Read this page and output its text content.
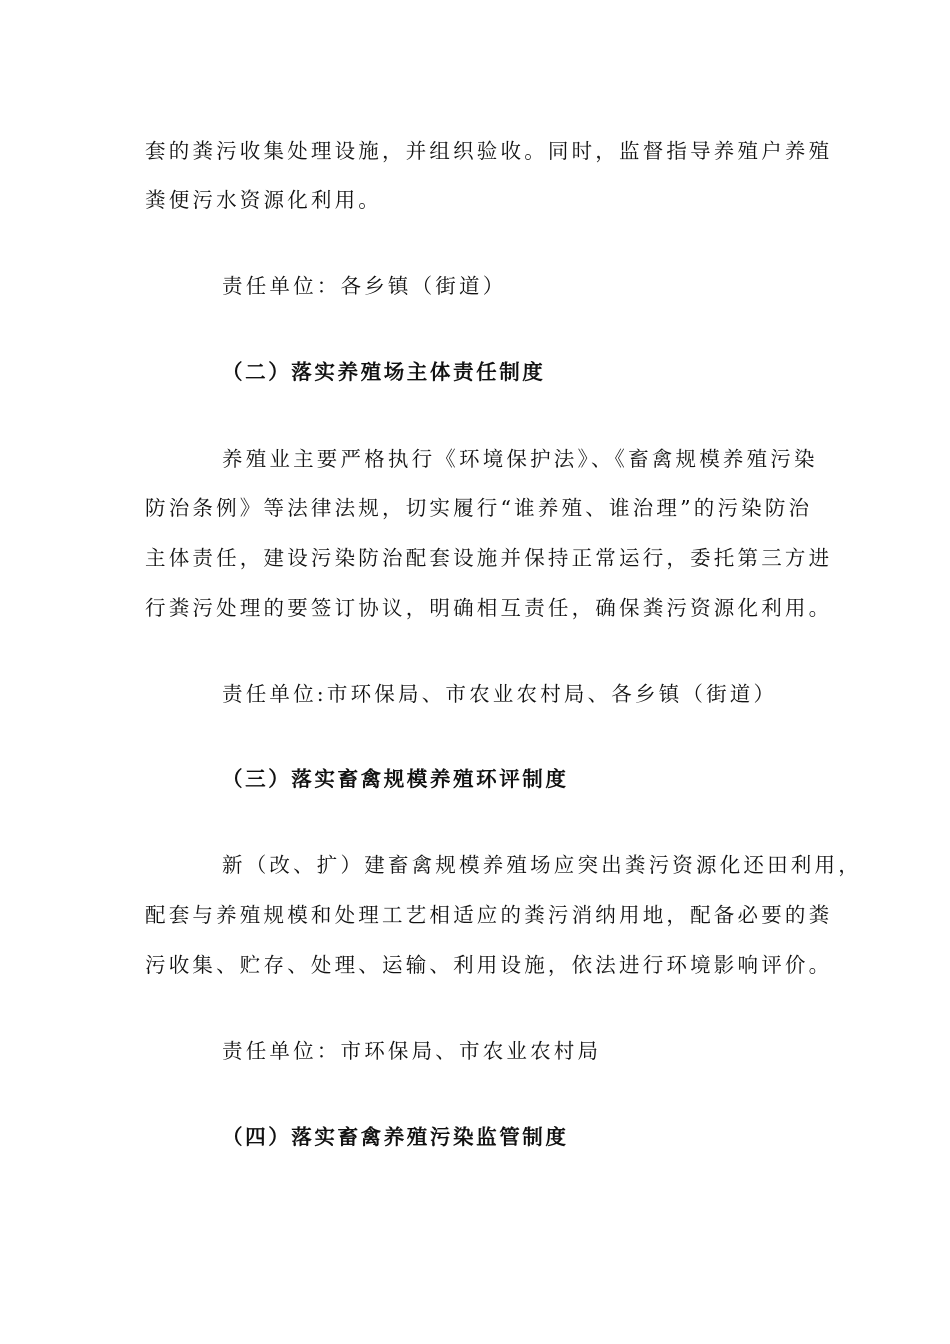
套的粪污收集处理设施，并组织验收。同时，监督指导养殖户养殖
粪便污水资源化利用。
责任单位：各乡镇（街道）
（二）落实养殖场主体责任制度
养殖业主要严格执行《环境保护法》、《畜禽规模养殖污染
防治条例》等法律法规，切实履行“谁养殖、谁治理”的污染防治
主体责任，建设污染防治配套设施并保持正常运行，委托第三方进
行粪污处理的要签订协议，明确相互责任，确保粪污资源化利用。
责任单位:市环保局、市农业农村局、各乡镇（街道）
（三）落实畜禽规模养殖环评制度
新（改、扩）建畜禽规模养殖场应突出粪污资源化还田利用，
配套与养殖规模和处理工艺相适应的粪污消纳用地，配备必要的粪
污收集、贮存、处理、运输、利用设施，依法进行环境影响评价。
责任单位：市环保局、市农业农村局
（四）落实畜禽养殖污染监管制度
